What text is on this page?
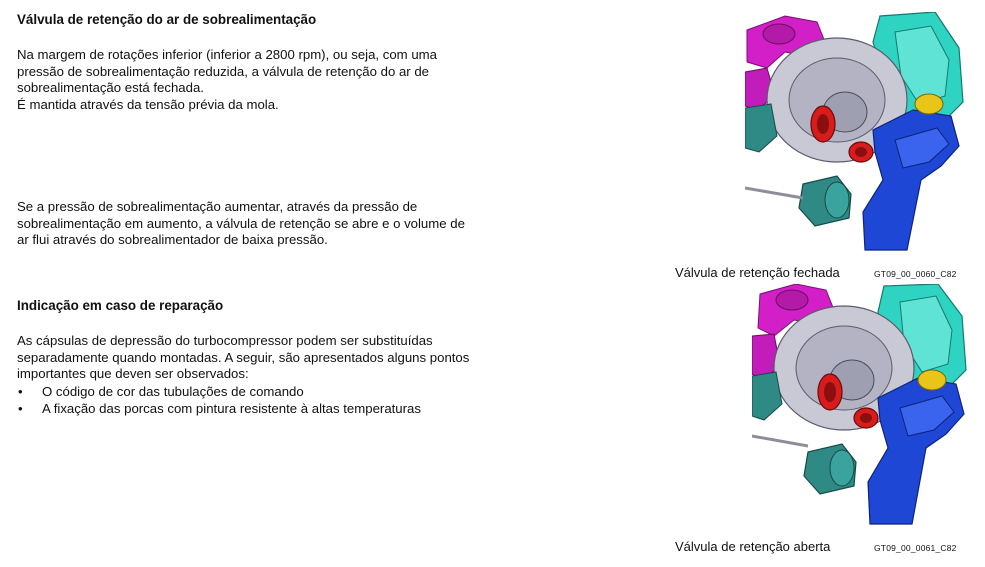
Válvula de retenção do ar de sobrealimentação
Na margem de rotações inferior (inferior a 2800 rpm), ou seja, com uma
pressão de sobrealimentação reduzida, a válvula de retenção do ar de
sobrealimentação está fechada.
É mantida através da tensão prévia da mola.
Se a pressão de sobrealimentação aumentar, através da pressão de
sobrealimentação em aumento, a válvula de retenção se abre e o volume de
ar flui através do sobrealimentador de baixa pressão.
Indicação em caso de reparação
As cápsulas de depressão do turbocompressor podem ser substituídas
separadamente quando montadas. A seguir, são apresentados alguns pontos
importantes que deven ser observados:
• O código de cor das tubulações de comando
• A fixação das porcas com pintura resistente à altas temperaturas
Válvula de retenção fechada	GT09_00_0060_C82
Válvula de retenção aberta	GT09_00_0061_C82
